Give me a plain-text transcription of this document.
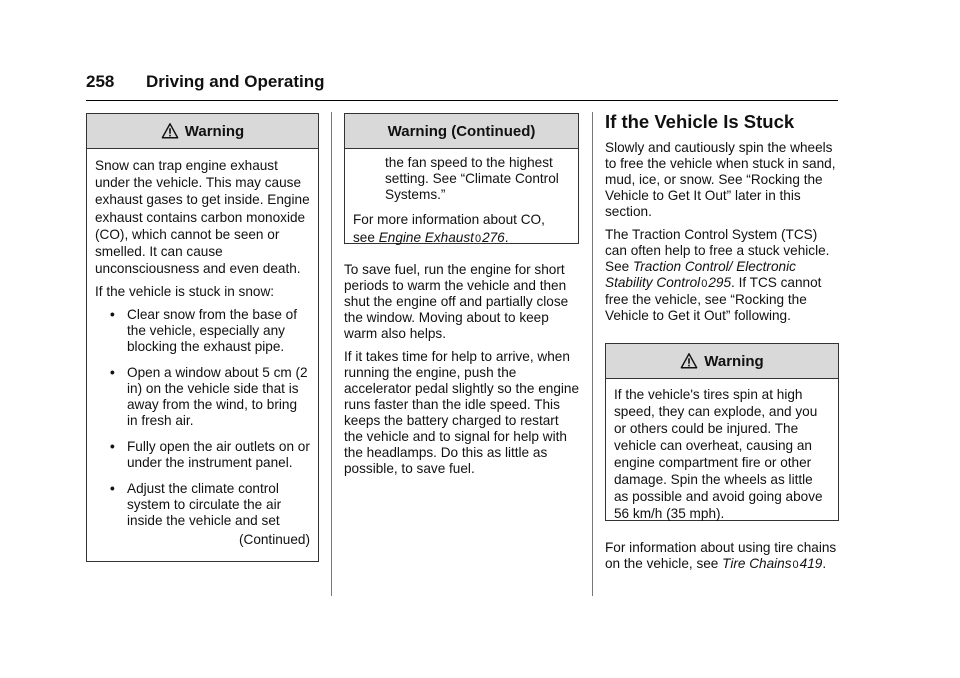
258 Driving and Operating
Warning

Snow can trap engine exhaust under the vehicle. This may cause exhaust gases to get inside. Engine exhaust contains carbon monoxide (CO), which cannot be seen or smelled. It can cause unconsciousness and even death.

If the vehicle is stuck in snow:

• Clear snow from the base of the vehicle, especially any blocking the exhaust pipe.
• Open a window about 5 cm (2 in) on the vehicle side that is away from the wind, to bring in fresh air.
• Fully open the air outlets on or under the instrument panel.
• Adjust the climate control system to circulate the air inside the vehicle and set
(Continued)
Warning (Continued)

the fan speed to the highest setting. See “Climate Control Systems.”

For more information about CO, see Engine Exhaust0276.

To save fuel, run the engine for short periods to warm the vehicle and then shut the engine off and partially close the window. Moving about to keep warm also helps.

If it takes time for help to arrive, when running the engine, push the accelerator pedal slightly so the engine runs faster than the idle speed. This keeps the battery charged to restart the vehicle and to signal for help with the headlamps. Do this as little as possible, to save fuel.

If the Vehicle Is Stuck

Slowly and cautiously spin the wheels to free the vehicle when stuck in sand, mud, ice, or snow. See “Rocking the Vehicle to Get It Out” later in this section.

The Traction Control System (TCS) can often help to free a stuck vehicle. See Traction Control/ Electronic Stability Control0295. If TCS cannot free the vehicle, see “Rocking the Vehicle to Get it Out” following.

Warning

If the vehicle's tires spin at high speed, they can explode, and you or others could be injured. The vehicle can overheat, causing an engine compartment fire or other damage. Spin the wheels as little as possible and avoid going above 56 km/h (35 mph).

For information about using tire chains on the vehicle, see Tire Chains0419.
